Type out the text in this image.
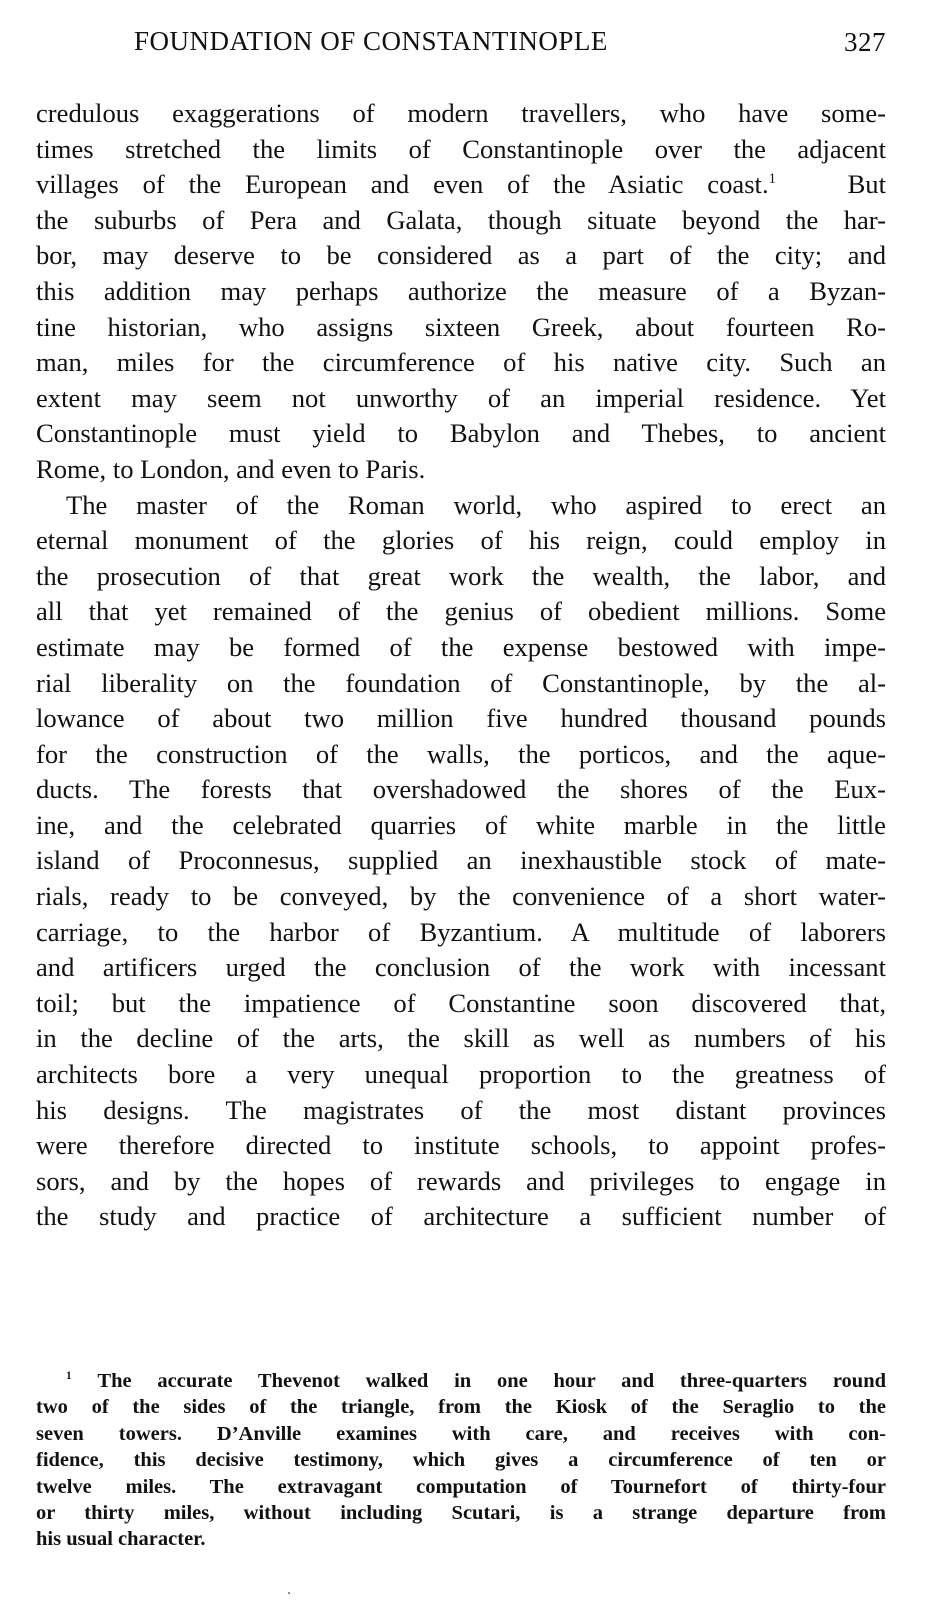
FOUNDATION OF CONSTANTINOPLE	327
credulous exaggerations of modern travellers, who have some-
times stretched the limits of Constantinople over the adjacent
villages of the European and even of the Asiatic coast.$^1$	But
the suburbs of Pera and Galata, though situate beyond the har-
bor, may deserve to be considered as a part of the city; and
this addition may perhaps authorize the measure of a Byzan-
tine historian, who assigns sixteen Greek, about fourteen Ro-
man, miles for the circumference of his native city. Such an
extent may seem not unworthy of an imperial residence. Yet
Constantinople must yield to Babylon and Thebes, to ancient
Rome, to London, and even to Paris.
The master of the Roman world, who aspired to erect an
eternal monument of the glories of his reign, could employ in
the prosecution of that great work the wealth, the labor, and
all that yet remained of the genius of obedient millions. Some
estimate may be formed of the expense bestowed with impe-
rial liberality on the foundation of Constantinople, by the al-
lowance of about two million five hundred thousand pounds
for the construction of the walls, the porticos, and the aque-
ducts. The forests that overshadowed the shores of the Eux-
ine, and the celebrated quarries of white marble in the little
island of Proconnesus, supplied an inexhaustible stock of mate-
rials, ready to be conveyed, by the convenience of a short water-
carriage, to the harbor of Byzantium. A multitude of laborers
and artificers urged the conclusion of the work with incessant
toil; but the impatience of Constantine soon discovered that,
in the decline of the arts, the skill as well as numbers of his
architects bore a very unequal proportion to the greatness of
his designs. The magistrates of the most distant provinces
were therefore directed to institute schools, to appoint profes-
sors, and by the hopes of rewards and privileges to engage in
the study and practice of architecture a sufficient number of
$^1$ The accurate Thevenot walked in one hour and three-quarters round
two of the sides of the triangle, from the Kiosk of the Seraglio to the
seven towers. D’Anville examines with care, and receives with con-
fidence, this decisive testimony, which gives a circumference of ten or
twelve miles. The extravagant computation of Tournefort of thirty-four
or thirty miles, without including Scutari, is a strange departure from
his usual character.
